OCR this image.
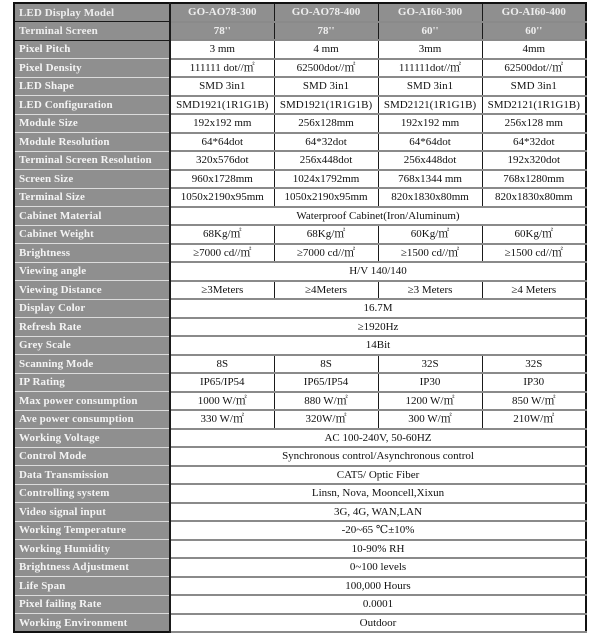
LED Display Model	GO-AO78-300	GO-AO78-400	GO-AI60-300	GO-AI60-400
Terminal Screen	78''	78''	60''	60''
Pixel Pitch	3 mm	4 mm	3mm	4mm
Pixel Density	111111 dot//㎡	62500dot//㎡	111111dot//㎡	62500dot//㎡
LED Shape	SMD 3in1	SMD 3in1	SMD 3in1	SMD 3in1
LED Configuration	SMD1921(1R1G1B)	SMD1921(1R1G1B)	SMD2121(1R1G1B)	SMD2121(1R1G1B)
Module Size	192x192 mm	256x128mm	192x192 mm	256x128 mm
Module Resolution	64*64dot	64*32dot	64*64dot	64*32dot
Terminal Screen Resolution	320x576dot	256x448dot	256x448dot	192x320dot
Screen Size	960x1728mm	1024x1792mm	768x1344 mm	768x1280mm
Terminal Size	1050x2190x95mm	1050x2190x95mm	820x1830x80mm	820x1830x80mm
Cabinet Material	Waterproof Cabinet(Iron/Aluminum)			
Cabinet Weight	68Kg/㎡	68Kg/㎡	60Kg/㎡	60Kg/㎡
Brightness	≥7000 cd//㎡	≥7000 cd//㎡	≥1500 cd//㎡	≥1500 cd//㎡
Viewing angle	H/V 140/140			
Viewing Distance	≥3Meters	≥4Meters	≥3 Meters	≥4 Meters
Display Color	16.7M			
Refresh Rate	≥1920Hz			
Grey Scale	14Bit			
Scanning Mode	8S	8S	32S	32S
IP Rating	IP65/IP54	IP65/IP54	IP30	IP30
Max power consumption	1000 W/㎡	880 W/㎡	1200 W/㎡	850 W/㎡
Ave power consumption	330 W/㎡	320W/㎡	300 W/㎡	210W/㎡
Working Voltage	AC 100-240V, 50-60HZ			
Control Mode	Synchronous control/Asynchronous control			
Data Transmission	CAT5/ Optic Fiber			
Controlling system	Linsn, Nova, Mooncell,Xixun			
Video signal input	3G, 4G, WAN,LAN			
Working Temperature	-20~65 ℃±10%			
Working Humidity	10-90% RH			
Brightness Adjustment	0~100 levels			
Life Span	100,000 Hours			
Pixel failing Rate	0.0001			
Working Environment	Outdoor			
